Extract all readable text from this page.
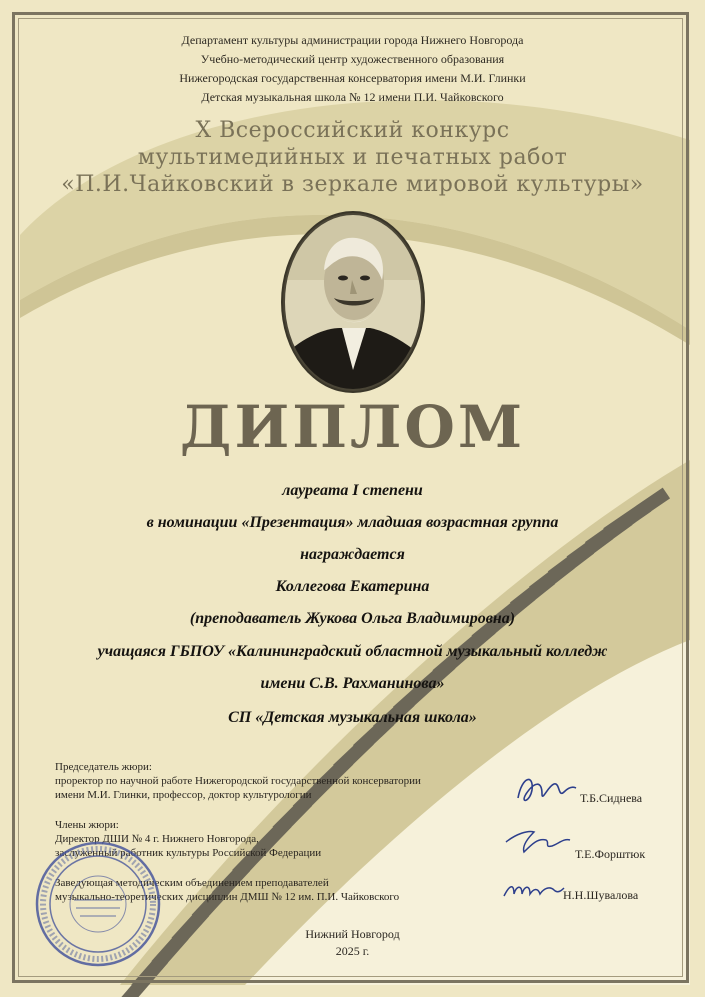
Департамент культуры администрации города Нижнего Новгорода
Учебно-методический центр художественного образования
Нижегородская государственная консерватория имени М.И. Глинки
Детская музыкальная школа № 12 имени П.И. Чайковского
X Всероссийский конкурс
мультимедийных и печатных работ
«П.И.Чайковский в зеркале мировой культуры»
ДИПЛОМ
лауреата I степени
в номинации «Презентация» младшая возрастная группа
награждается
Коллегова Екатерина
(преподаватель Жукова Ольга Владимировна)
учащаяся ГБПОУ «Калининградский областной музыкальный колледж
имени С.В. Рахманинова»
СП «Детская музыкальная школа»
Председатель жюри:
проректор по научной работе Нижегородской государственной консерватории
имени М.И. Глинки, профессор, доктор культурологии	Т.Б.Сиднева
Члены жюри:
Директор ДШИ № 4 г. Нижнего Новгорода,
заслуженный работник культуры Российской Федерации	Т.Е.Форштюк
Заведующая методическим объединением преподавателей
музыкально-теоретических дисциплин ДМШ № 12 им. П.И. Чайковского	Н.Н.Шувалова
Нижний Новгород
2025 г.
